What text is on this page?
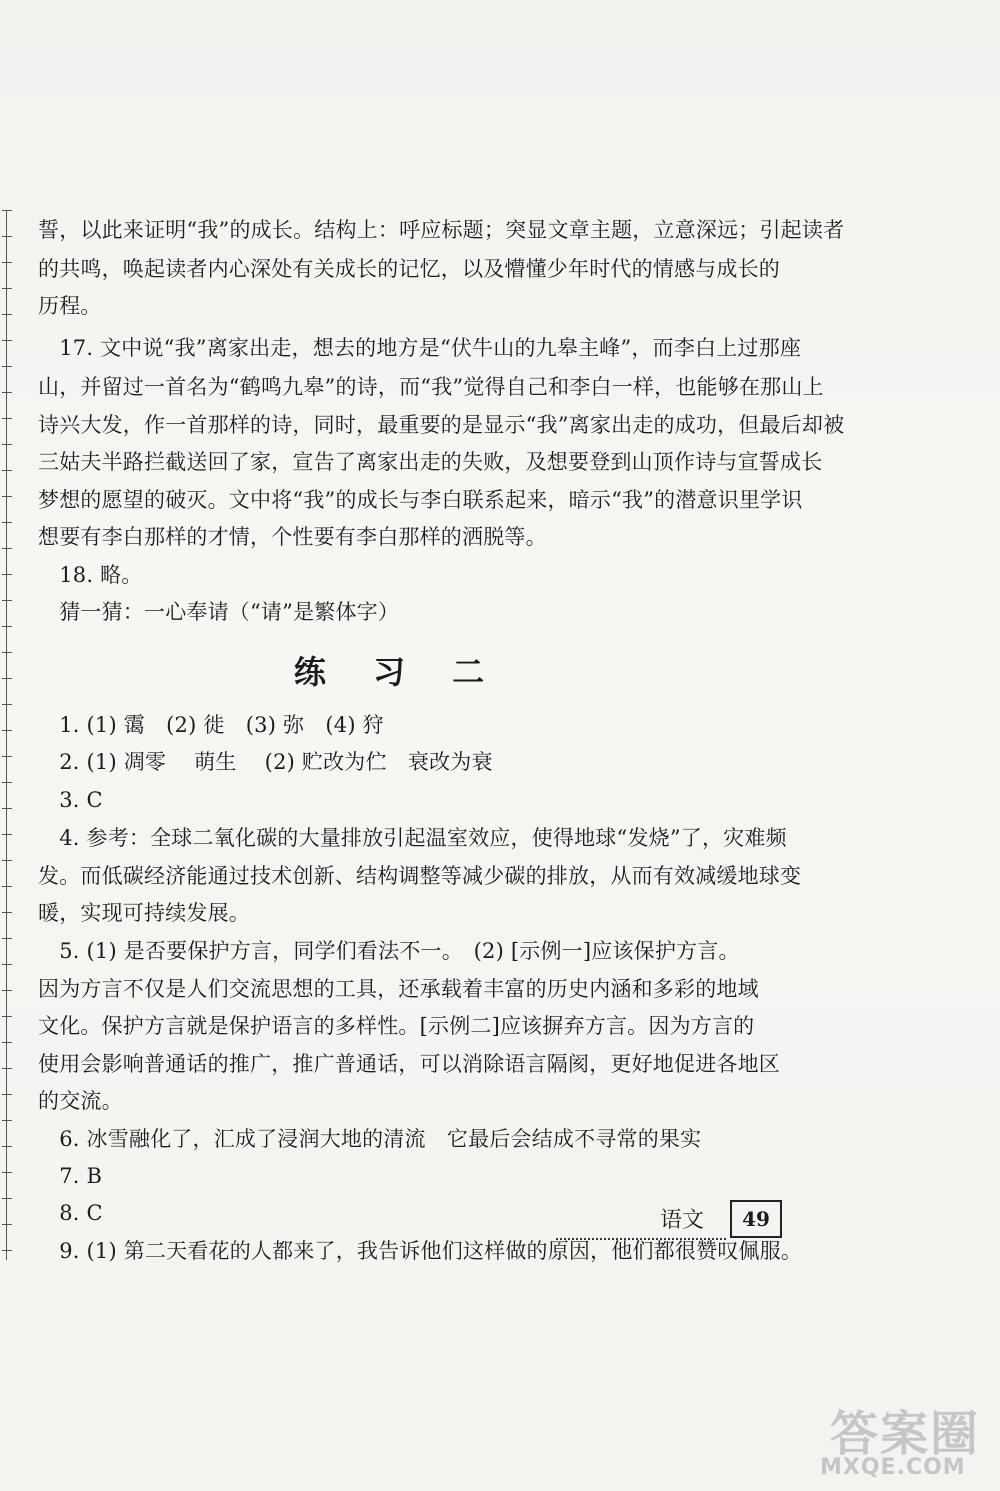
誓，以此来证明“我”的成长。结构上：呼应标题；突显文章主题，立意深远；引起读者
的共鸣，唤起读者内心深处有关成长的记忆，以及懵懂少年时代的情感与成长的
历程。
　17. 文中说“我”离家出走，想去的地方是“伏牛山的九皋主峰”，而李白上过那座
山，并留过一首名为“鹤鸣九皋”的诗，而“我”觉得自己和李白一样，也能够在那山上
诗兴大发，作一首那样的诗，同时，最重要的是显示“我”离家出走的成功，但最后却被
三姑夫半路拦截送回了家，宣告了离家出走的失败，及想要登到山顶作诗与宣誓成长
梦想的愿望的破灭。文中将“我”的成长与李白联系起来，暗示“我”的潜意识里学识
想要有李白那样的才情，个性要有李白那样的洒脱等。
　18. 略。
　猜一猜：一心奉请（“请”是繁体字）
练 习 二
　1. (1) 霭　(2) 徙　(3) 弥　(4) 狩
　2. (1) 凋零　 萌生　 (2) 贮改为伫　衰改为衰
　3. C
　4. 参考：全球二氧化碳的大量排放引起温室效应，使得地球“发烧”了，灾难频
发。而低碳经济能通过技术创新、结构调整等减少碳的排放，从而有效减缓地球变
暖，实现可持续发展。
　5. (1) 是否要保护方言，同学们看法不一。　(2) [示例一]应该保护方言。
因为方言不仅是人们交流思想的工具，还承载着丰富的历史内涵和多彩的地域
文化。保护方言就是保护语言的多样性。[示例二]应该摒弃方言。因为方言的
使用会影响普通话的推广，推广普通话，可以消除语言隔阂，更好地促进各地区
的交流。
　6. 冰雪融化了，汇成了浸润大地的清流　它最后会结成不寻常的果实
　7. B
　8. C
　9. (1) 第二天看花的人都来了，我告诉他们这样做的原因，他们都很赞叹佩服。
语文	49
答案圈
MXQE.COM
